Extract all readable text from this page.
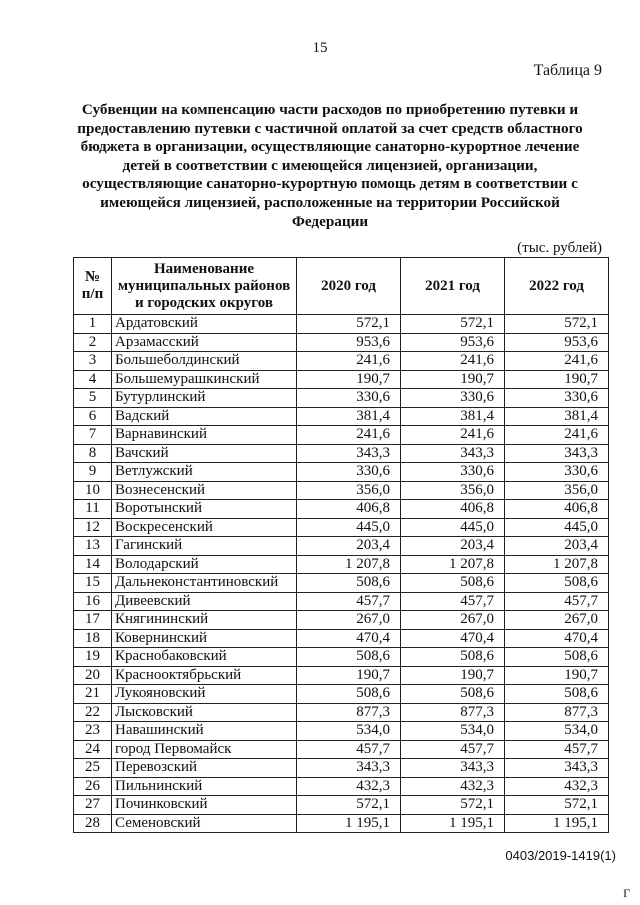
15
Таблица 9
Субвенции на компенсацию части расходов по приобретению путевки и предоставлению путевки с частичной оплатой за счет средств областного бюджета в организации, осуществляющие санаторно-курортное лечение детей в соответствии с имеющейся лицензией, организации, осуществляющие санаторно-курортную помощь детям в соответствии с имеющейся лицензией, расположенные на территории Российской Федерации
(тыс. рублей)
№ п/п	Наименование муниципальных районов и городских округов	2020 год	2021 год	2022 год
1	Ардатовский	572,1	572,1	572,1
2	Арзамасский	953,6	953,6	953,6
3	Большеболдинский	241,6	241,6	241,6
4	Большемурашкинский	190,7	190,7	190,7
5	Бутурлинский	330,6	330,6	330,6
6	Вадский	381,4	381,4	381,4
7	Варнавинский	241,6	241,6	241,6
8	Вачский	343,3	343,3	343,3
9	Ветлужский	330,6	330,6	330,6
10	Вознесенский	356,0	356,0	356,0
11	Воротынский	406,8	406,8	406,8
12	Воскресенский	445,0	445,0	445,0
13	Гагинский	203,4	203,4	203,4
14	Володарский	1 207,8	1 207,8	1 207,8
15	Дальнеконстантиновский	508,6	508,6	508,6
16	Дивеевский	457,7	457,7	457,7
17	Княгининский	267,0	267,0	267,0
18	Ковернинский	470,4	470,4	470,4
19	Краснобаковский	508,6	508,6	508,6
20	Краснооктябрьский	190,7	190,7	190,7
21	Лукояновский	508,6	508,6	508,6
22	Лысковский	877,3	877,3	877,3
23	Навашинский	534,0	534,0	534,0
24	город Первомайск	457,7	457,7	457,7
25	Перевозский	343,3	343,3	343,3
26	Пильнинский	432,3	432,3	432,3
27	Починковский	572,1	572,1	572,1
28	Семеновский	1 195,1	1 195,1	1 195,1
0403/2019-1419(1)
Г
